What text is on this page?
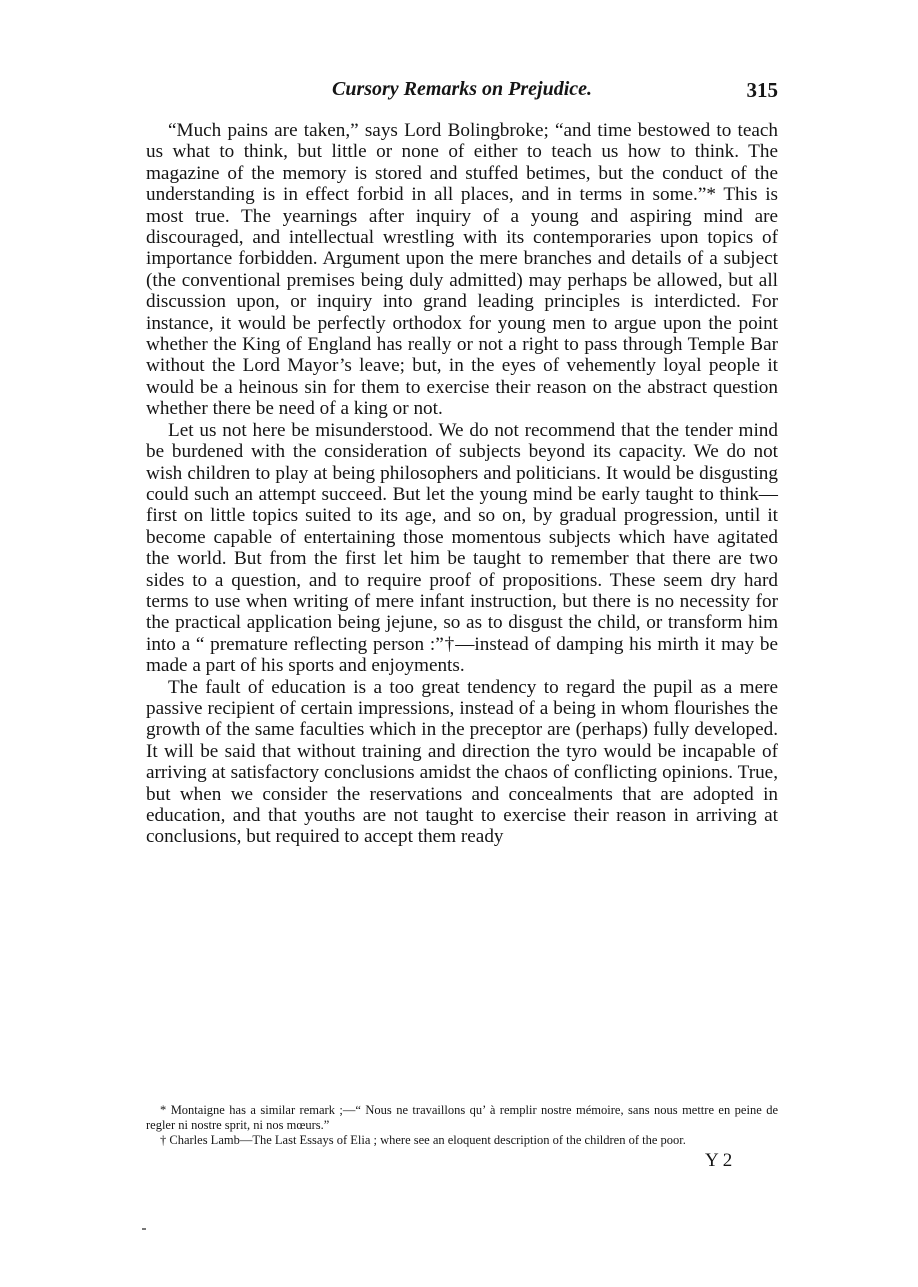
Cursory Remarks on Prejudice.	315

“Much pains are taken,” says Lord Bolingbroke; “and time bestowed to teach us what to think, but little or none of either to teach us how to think. The magazine of the memory is stored and stuffed betimes, but the conduct of the understanding is in effect forbid in all places, and in terms in some.”* This is most true. The yearnings after inquiry of a young and aspiring mind are discouraged, and intellectual wrestling with its contemporaries upon topics of importance forbidden. Argument upon the mere branches and details of a subject (the conventional premises being duly admitted) may perhaps be allowed, but all discussion upon, or inquiry into grand leading principles is interdicted. For instance, it would be perfectly orthodox for young men to argue upon the point whether the King of England has really or not a right to pass through Temple Bar without the Lord Mayor’s leave; but, in the eyes of vehemently loyal people it would be a heinous sin for them to exercise their reason on the abstract question whether there be need of a king or not.

Let us not here be misunderstood. We do not recommend that the tender mind be burdened with the consideration of subjects beyond its capacity. We do not wish children to play at being philosophers and politicians. It would be disgusting could such an attempt succeed. But let the young mind be early taught to think—first on little topics suited to its age, and so on, by gradual progression, until it become capable of entertaining those momentous subjects which have agitated the world. But from the first let him be taught to remember that there are two sides to a question, and to require proof of propositions. These seem dry hard terms to use when writing of mere infant instruction, but there is no necessity for the practical application being jejune, so as to disgust the child, or transform him into a “ premature reflecting person :”†—instead of damping his mirth it may be made a part of his sports and enjoyments.

The fault of education is a too great tendency to regard the pupil as a mere passive recipient of certain impressions, instead of a being in whom flourishes the growth of the same faculties which in the preceptor are (perhaps) fully developed. It will be said that without training and direction the tyro would be incapable of arriving at satisfactory conclusions amidst the chaos of conflicting opinions. True, but when we consider the reservations and concealments that are adopted in education, and that youths are not taught to exercise their reason in arriving at conclusions, but required to accept them ready

* Montaigne has a similar remark ;—“ Nous ne travaillons qu’ à remplir nostre mémoire, sans nous mettre en peine de regler ni nostre sprit, ni nos mœurs.”

† Charles Lamb—The Last Essays of Elia ; where see an eloquent description of the children of the poor.

Y 2
